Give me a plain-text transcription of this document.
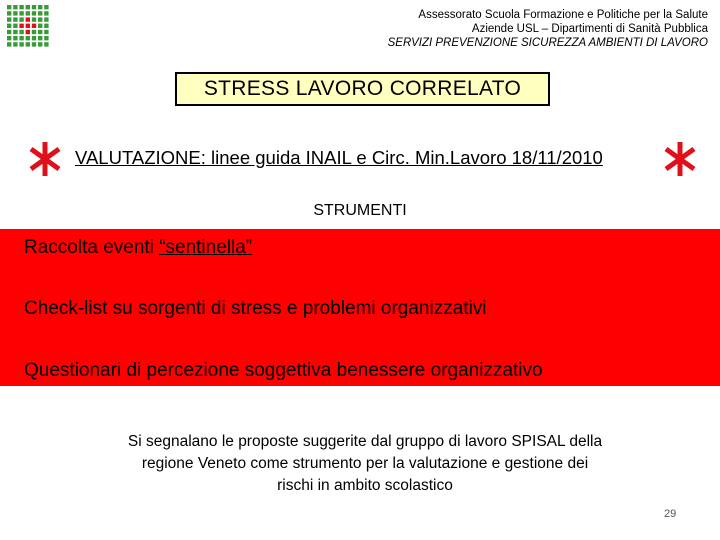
Assessorato Scuola Formazione e Politiche per la Salute
Aziende USL – Dipartimenti di Sanità Pubblica
SERVIZI PREVENZIONE SICUREZZA AMBIENTI DI LAVORO
STRESS LAVORO CORRELATO
VALUTAZIONE: linee guida INAIL e Circ. Min.Lavoro 18/11/2010
STRUMENTI
Raccolta eventi “sentinella”
Check-list su sorgenti di stress e problemi organizzativi
Questionari di percezione soggettiva benessere organizzativo
Si segnalano le proposte suggerite dal gruppo di lavoro SPISAL della
regione Veneto come strumento per la valutazione e gestione dei
rischi in ambito scolastico
29
